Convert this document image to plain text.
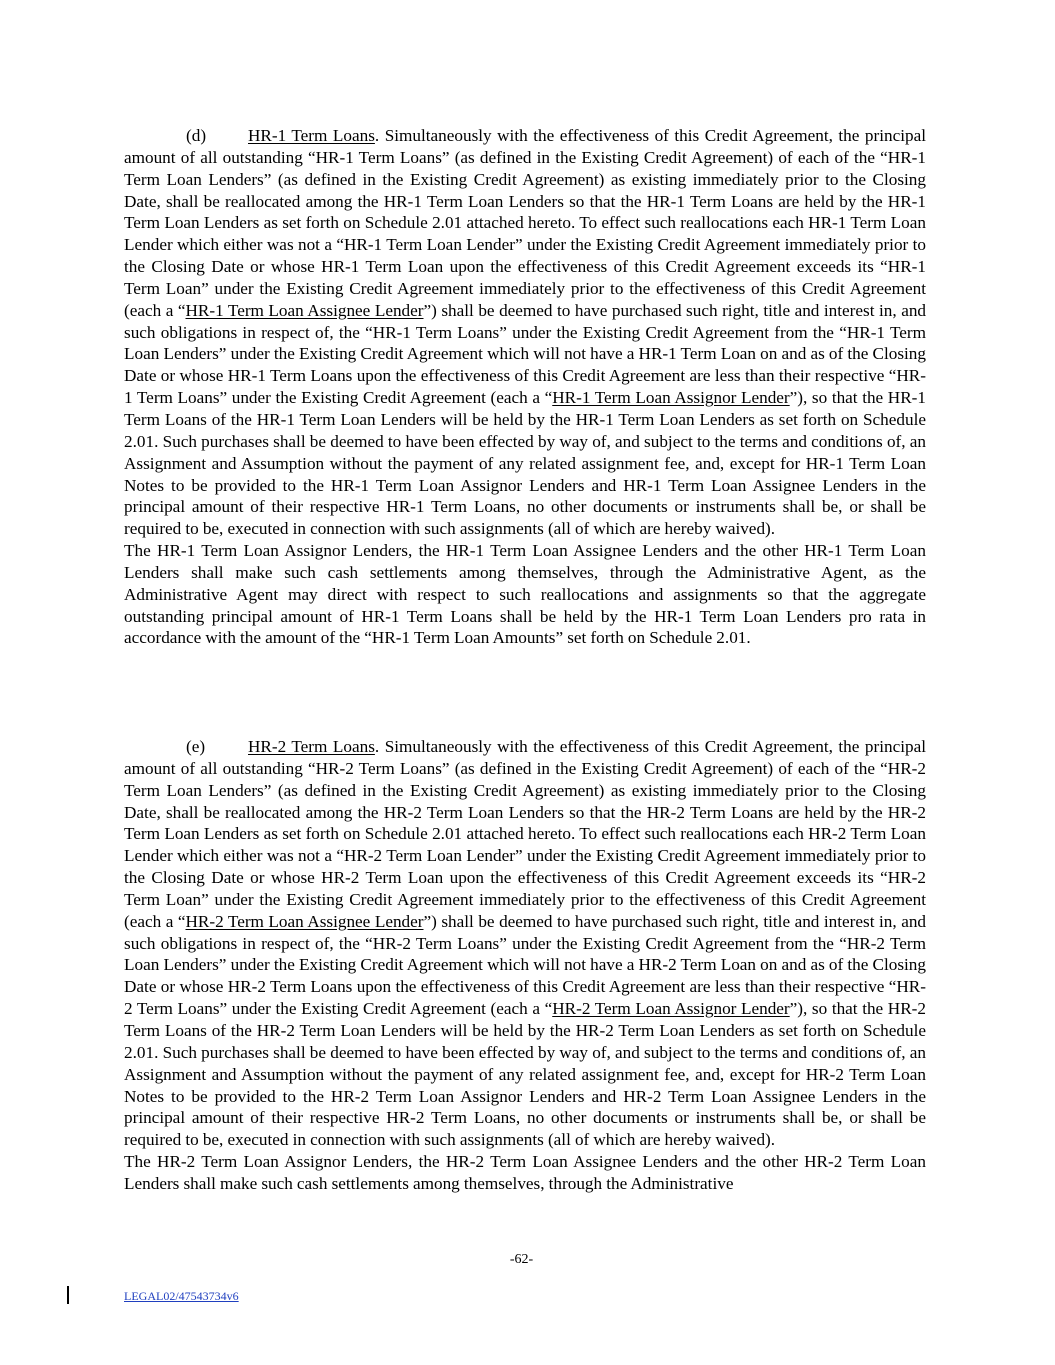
(d) HR-1 Term Loans. Simultaneously with the effectiveness of this Credit Agreement, the principal amount of all outstanding “HR-1 Term Loans” (as defined in the Existing Credit Agreement) of each of the “HR-1 Term Loan Lenders” (as defined in the Existing Credit Agreement) as existing immediately prior to the Closing Date, shall be reallocated among the HR-1 Term Loan Lenders so that the HR-1 Term Loans are held by the HR-1 Term Loan Lenders as set forth on Schedule 2.01 attached hereto. To effect such reallocations each HR-1 Term Loan Lender which either was not a “HR-1 Term Loan Lender” under the Existing Credit Agreement immediately prior to the Closing Date or whose HR-1 Term Loan upon the effectiveness of this Credit Agreement exceeds its “HR-1 Term Loan” under the Existing Credit Agreement immediately prior to the effectiveness of this Credit Agreement (each a “HR-1 Term Loan Assignee Lender”) shall be deemed to have purchased such right, title and interest in, and such obligations in respect of, the “HR-1 Term Loans” under the Existing Credit Agreement from the “HR-1 Term Loan Lenders” under the Existing Credit Agreement which will not have a HR-1 Term Loan on and as of the Closing Date or whose HR-1 Term Loans upon the effectiveness of this Credit Agreement are less than their respective “HR-1 Term Loans” under the Existing Credit Agreement (each a “HR-1 Term Loan Assignor Lender”), so that the HR-1 Term Loans of the HR-1 Term Loan Lenders will be held by the HR-1 Term Loan Lenders as set forth on Schedule 2.01. Such purchases shall be deemed to have been effected by way of, and subject to the terms and conditions of, an Assignment and Assumption without the payment of any related assignment fee, and, except for HR-1 Term Loan Notes to be provided to the HR-1 Term Loan Assignor Lenders and HR-1 Term Loan Assignee Lenders in the principal amount of their respective HR-1 Term Loans, no other documents or instruments shall be, or shall be required to be, executed in connection with such assignments (all of which are hereby waived).
The HR-1 Term Loan Assignor Lenders, the HR-1 Term Loan Assignee Lenders and the other HR-1 Term Loan Lenders shall make such cash settlements among themselves, through the Administrative Agent, as the Administrative Agent may direct with respect to such reallocations and assignments so that the aggregate outstanding principal amount of HR-1 Term Loans shall be held by the HR-1 Term Loan Lenders pro rata in accordance with the amount of the “HR-1 Term Loan Amounts” set forth on Schedule 2.01.

(e) HR-2 Term Loans. Simultaneously with the effectiveness of this Credit Agreement, the principal amount of all outstanding “HR-2 Term Loans” (as defined in the Existing Credit Agreement) of each of the “HR-2 Term Loan Lenders” (as defined in the Existing Credit Agreement) as existing immediately prior to the Closing Date, shall be reallocated among the HR-2 Term Loan Lenders so that the HR-2 Term Loans are held by the HR-2 Term Loan Lenders as set forth on Schedule 2.01 attached hereto. To effect such reallocations each HR-2 Term Loan Lender which either was not a “HR-2 Term Loan Lender” under the Existing Credit Agreement immediately prior to the Closing Date or whose HR-2 Term Loan upon the effectiveness of this Credit Agreement exceeds its “HR-2 Term Loan” under the Existing Credit Agreement immediately prior to the effectiveness of this Credit Agreement (each a “HR-2 Term Loan Assignee Lender”) shall be deemed to have purchased such right, title and interest in, and such obligations in respect of, the “HR-2 Term Loans” under the Existing Credit Agreement from the “HR-2 Term Loan Lenders” under the Existing Credit Agreement which will not have a HR-2 Term Loan on and as of the Closing Date or whose HR-2 Term Loans upon the effectiveness of this Credit Agreement are less than their respective “HR-2 Term Loans” under the Existing Credit Agreement (each a “HR-2 Term Loan Assignor Lender”), so that the HR-2 Term Loans of the HR-2 Term Loan Lenders will be held by the HR-2 Term Loan Lenders as set forth on Schedule 2.01. Such purchases shall be deemed to have been effected by way of, and subject to the terms and conditions of, an Assignment and Assumption without the payment of any related assignment fee, and, except for HR-2 Term Loan Notes to be provided to the HR-2 Term Loan Assignor Lenders and HR-2 Term Loan Assignee Lenders in the principal amount of their respective HR-2 Term Loans, no other documents or instruments shall be, or shall be required to be, executed in connection with such assignments (all of which are hereby waived).
The HR-2 Term Loan Assignor Lenders, the HR-2 Term Loan Assignee Lenders and the other HR-2 Term Loan Lenders shall make such cash settlements among themselves, through the Administrative

-62-
LEGAL02/47543734v6
